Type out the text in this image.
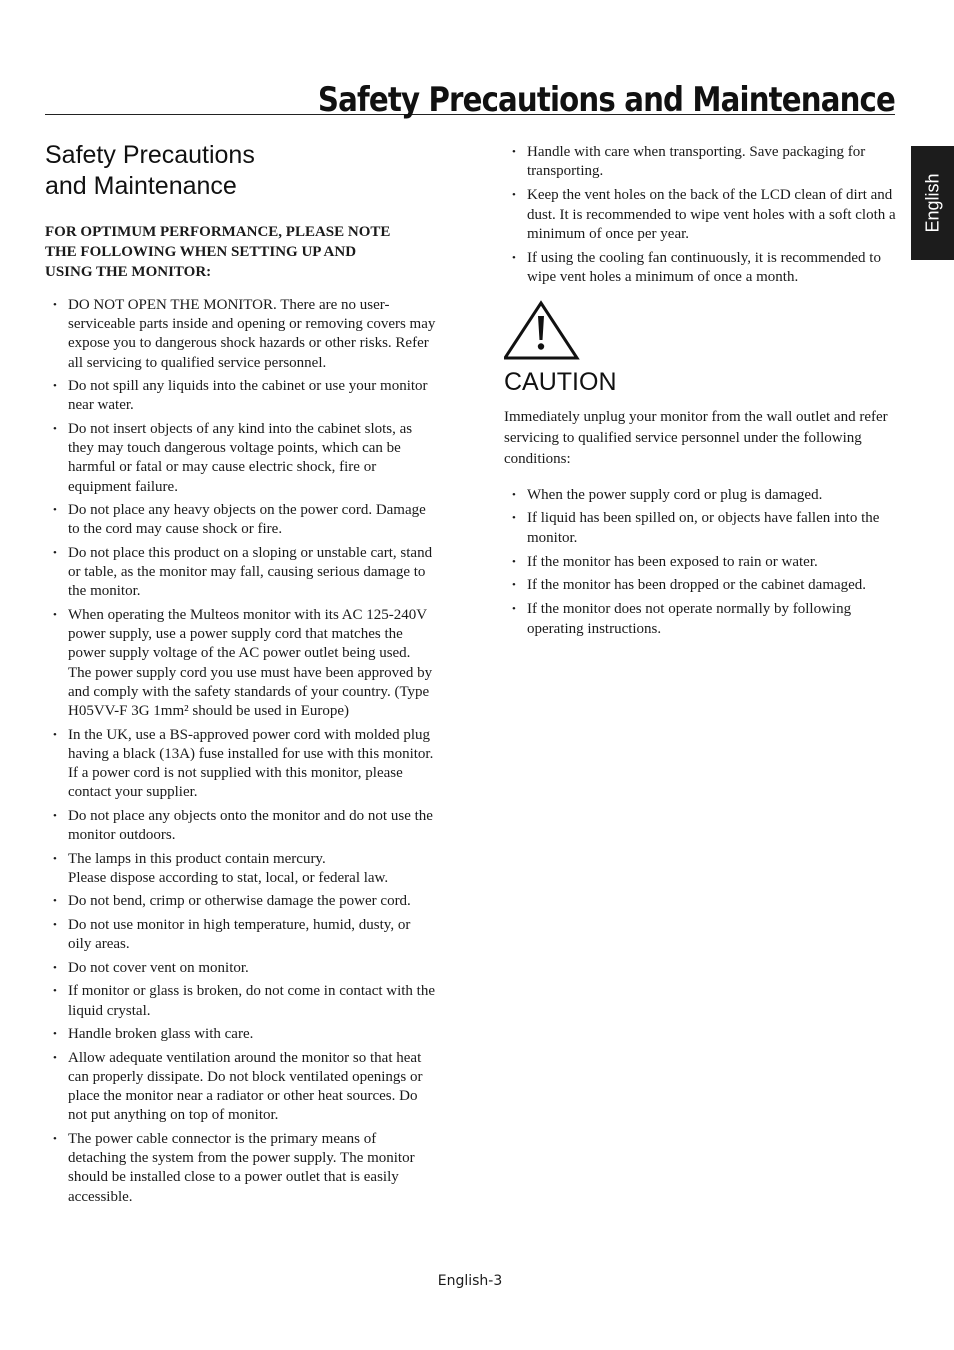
Safety Precautions and Maintenance
English
Safety Precautions
and Maintenance

FOR OPTIMUM PERFORMANCE, PLEASE NOTE
THE FOLLOWING WHEN SETTING UP AND
USING THE MONITOR:

• DO NOT OPEN THE MONITOR. There are no user-serviceable parts inside and opening or removing covers may expose you to dangerous shock hazards or other risks. Refer all servicing to qualified service personnel.
• Do not spill any liquids into the cabinet or use your monitor near water.
• Do not insert objects of any kind into the cabinet slots, as they may touch dangerous voltage points, which can be harmful or fatal or may cause electric shock, fire or equipment failure.
• Do not place any heavy objects on the power cord. Damage to the cord may cause shock or fire.
• Do not place this product on a sloping or unstable cart, stand or table, as the monitor may fall, causing serious damage to the monitor.
• When operating the Multeos monitor with its AC 125-240V power supply, use a power supply cord that matches the power supply voltage of the AC power outlet being used. The power supply cord you use must have been approved by and comply with the safety standards of your country. (Type H05VV-F 3G 1mm² should be used in Europe)
• In the UK, use a BS-approved power cord with molded plug having a black (13A) fuse installed for use with this monitor. If a power cord is not supplied with this monitor, please contact your supplier.
• Do not place any objects onto the monitor and do not use the monitor outdoors.
• The lamps in this product contain mercury.
Please dispose according to stat, local, or federal law.
• Do not bend, crimp or otherwise damage the power cord.
• Do not use monitor in high temperature, humid, dusty, or oily areas.
• Do not cover vent on monitor.
• If monitor or glass is broken, do not come in contact with the liquid crystal.
• Handle broken glass with care.
• Allow adequate ventilation around the monitor so that heat can properly dissipate. Do not block ventilated openings or place the monitor near a radiator or other heat sources. Do not put anything on top of monitor.
• The power cable connector is the primary means of detaching the system from the power supply. The monitor should be installed close to a power outlet that is easily accessible.
• Handle with care when transporting. Save packaging for transporting.
• Keep the vent holes on the back of the LCD clean of dirt and dust. It is recommended to wipe vent holes with a soft cloth a minimum of once per year.
• If using the cooling fan continuously, it is recommended to wipe vent holes a minimum of once a month.
CAUTION

Immediately unplug your monitor from the wall outlet and refer servicing to qualified service personnel under the following conditions:

• When the power supply cord or plug is damaged.
• If liquid has been spilled on, or objects have fallen into the monitor.
• If the monitor has been exposed to rain or water.
• If the monitor has been dropped or the cabinet damaged.
• If the monitor does not operate normally by following operating instructions.
English-3
